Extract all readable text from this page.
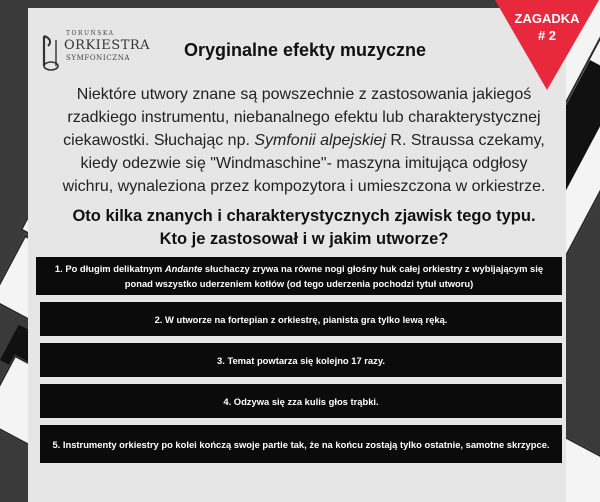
TORUŃSKA
ORKIESTRA
SYMFONICZNA
ZAGADKA
# 2
Oryginalne efekty muzyczne
Niektóre utwory znane są powszechnie z zastosowania jakiegoś rzadkiego instrumentu, niebanalnego efektu lub charakterystycznej ciekawostki. Słuchając np. Symfonii alpejskiej R. Straussa czekamy, kiedy odezwie się "Windmaschine"- maszyna imitująca odgłosy wichru, wynaleziona przez kompozytora i umieszczona w orkiestrze.
Oto kilka znanych i charakterystycznych zjawisk tego typu.
Kto je zastosował i w jakim utworze?
1. Po długim delikatnym Andante słuchaczy zrywa na równe nogi głośny huk całej orkiestry z wybijającym się ponad wszystko uderzeniem kotłów (od tego uderzenia pochodzi tytuł utworu)
2. W utworze na fortepian z orkiestrę, pianista gra tylko lewą ręką.
3. Temat powtarza się kolejno 17 razy.
4. Odzywa się zza kulis głos trąbki.
5. Instrumenty orkiestry po kolei kończą swoje partie tak, że na końcu zostają tylko ostatnie, samotne skrzypce.
